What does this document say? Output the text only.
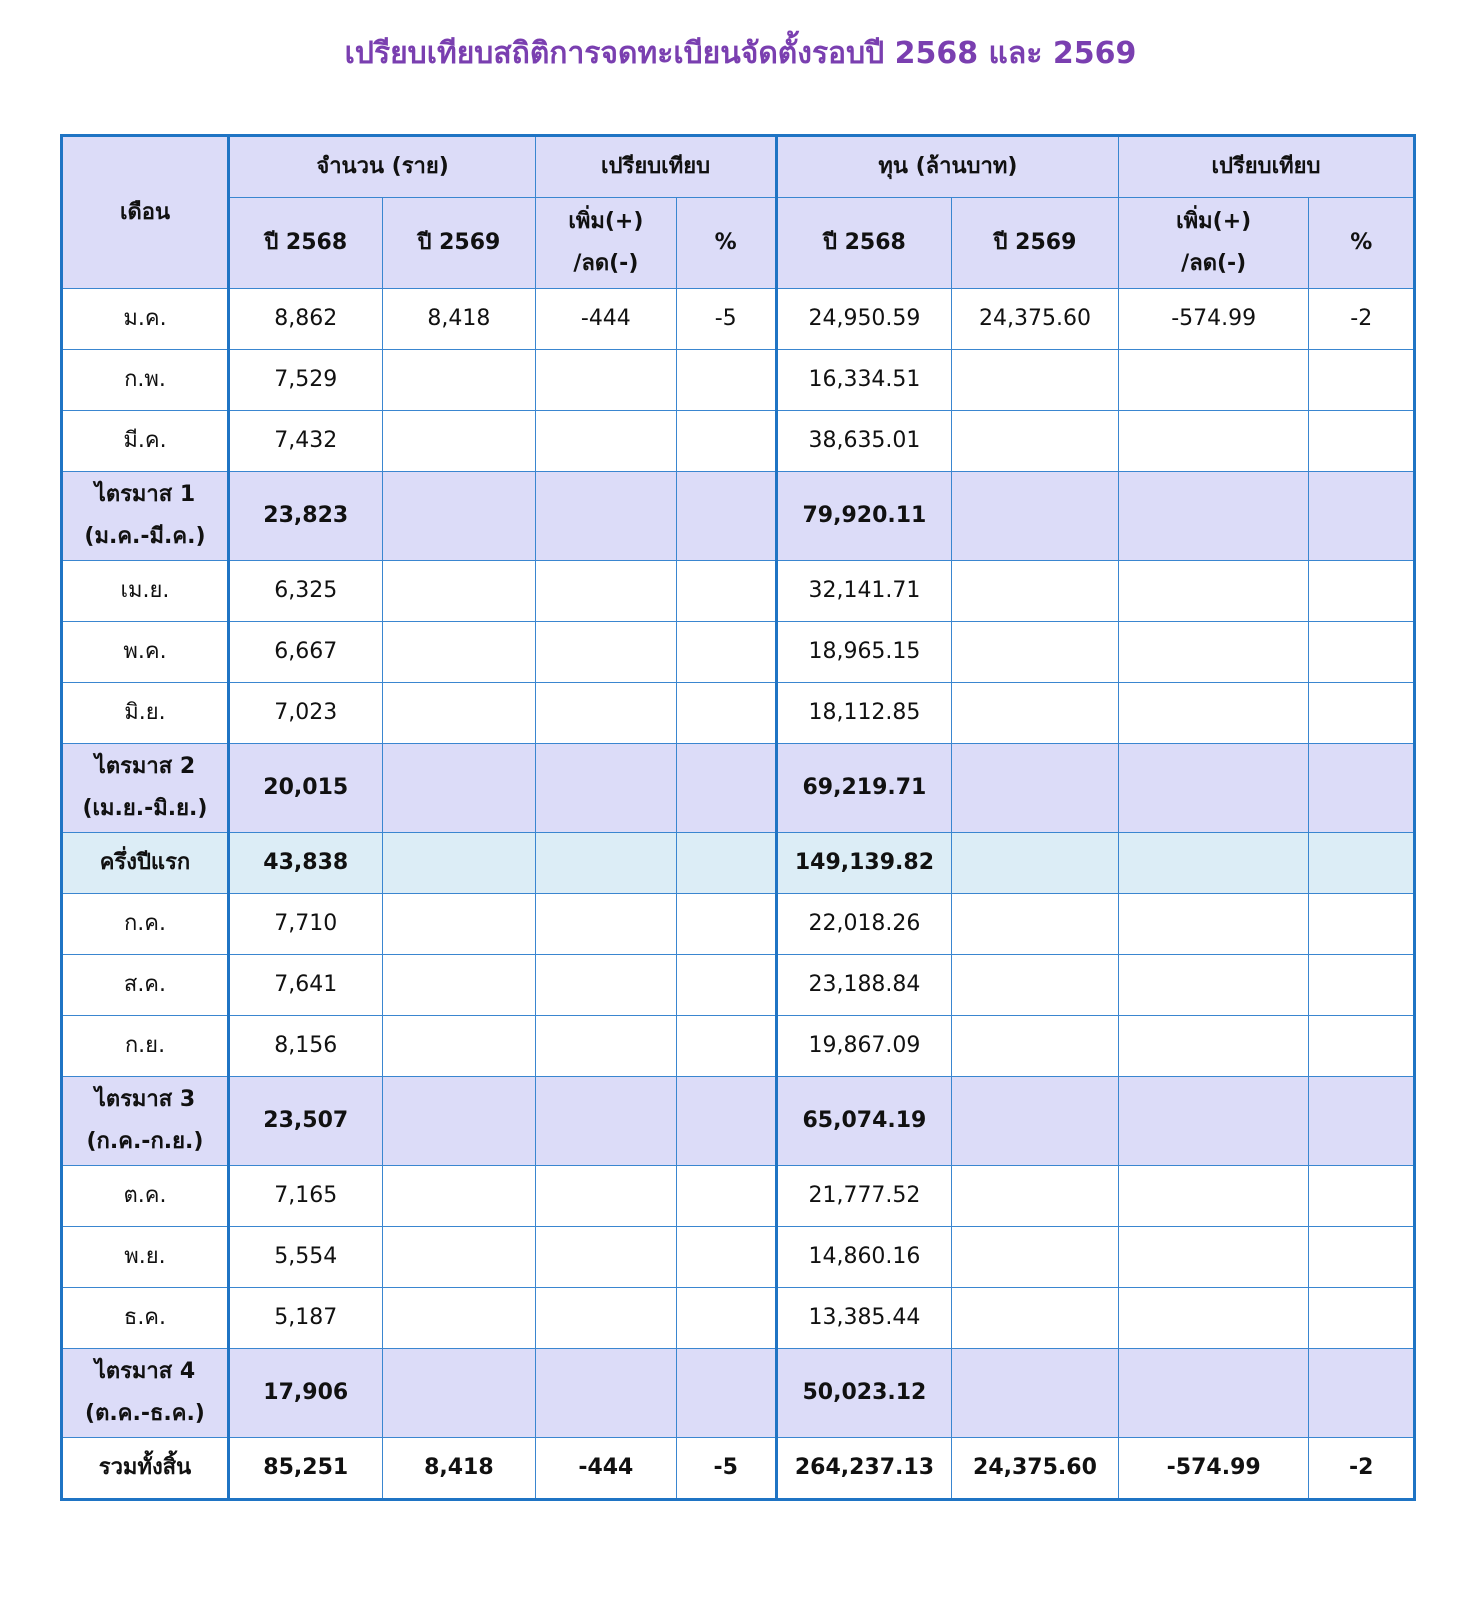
เปรียบเทียบสถิติการจดทะเบียนจัดตั้งรอบปี 2568 และ 2569
เดือน	จำนวน (ราย)		เปรียบเทียบ		ทุน (ล้านบาท)		เปรียบเทียบ	
	ปี 2568	ปี 2569	เพิ่ม(+)
/ลด(-)	%	ปี 2568	ปี 2569	เพิ่ม(+)
/ลด(-)	%

ม.ค.	8,862	8,418	-444	-5	24,950.59	24,375.60	-574.99	-2

ก.พ.	7,529				16,334.51			

มี.ค.	7,432				38,635.01			

ไตรมาส 1
(ม.ค.-มี.ค.)	23,823				79,920.11			

เม.ย.	6,325				32,141.71			

พ.ค.	6,667				18,965.15			

มิ.ย.	7,023				18,112.85			

ไตรมาส 2
(เม.ย.-มิ.ย.)	20,015				69,219.71			

ครึ่งปีแรก	43,838				149,139.82			

ก.ค.	7,710				22,018.26			

ส.ค.	7,641				23,188.84			

ก.ย.	8,156				19,867.09			

ไตรมาส 3
(ก.ค.-ก.ย.)	23,507				65,074.19			

ต.ค.	7,165				21,777.52			

พ.ย.	5,554				14,860.16			

ธ.ค.	5,187				13,385.44			

ไตรมาส 4
(ต.ค.-ธ.ค.)	17,906				50,023.12			

รวมทั้งสิ้น	85,251	8,418	-444	-5	264,237.13	24,375.60	-574.99	-2
